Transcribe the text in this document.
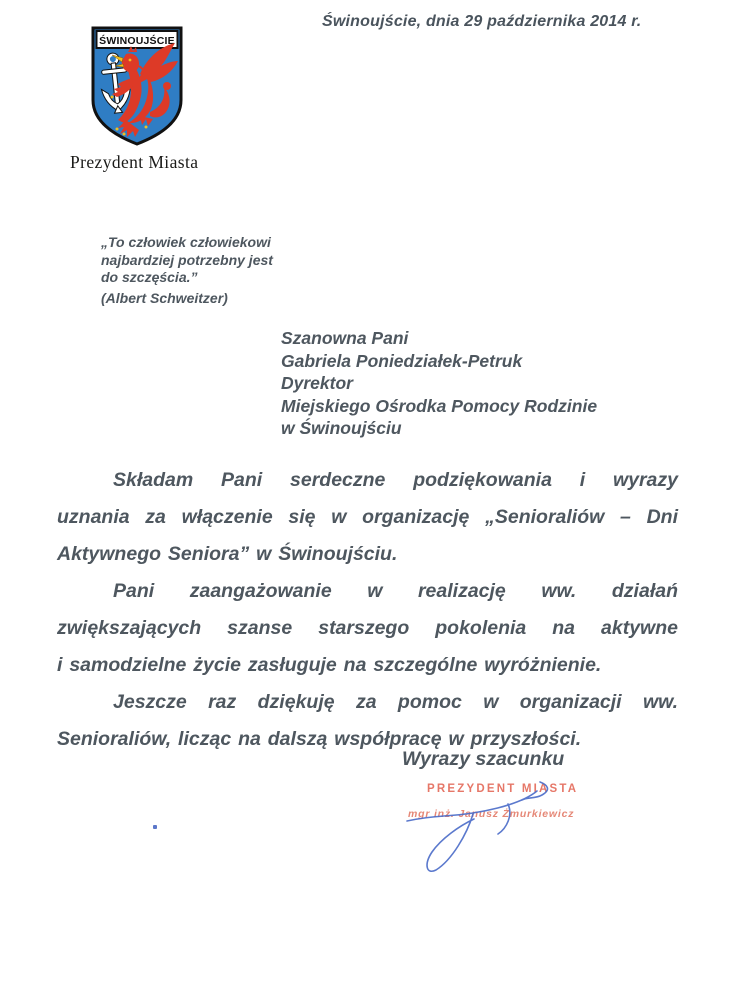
Świnoujście, dnia 29 października 2014 r.
ŚWINOUJŚCIE
Prezydent Miasta
„To człowiek człowiekowi
najbardziej potrzebny jest
do szczęścia.”
(Albert Schweitzer)
Szanowna Pani
Gabriela Poniedziałek-Petruk
Dyrektor
Miejskiego Ośrodka Pomocy Rodzinie
w Świnoujściu

Składam Pani serdeczne podziękowania i wyrazy
uznania za włączenie się w organizację „Senioraliów – Dni
Aktywnego Seniora” w Świnoujściu.

Pani zaangażowanie w realizację ww. działań
zwiększających szanse starszego pokolenia na aktywne
i samodzielne życie zasługuje na szczególne wyróżnienie.

Jeszcze raz dziękuję za pomoc w organizacji ww.
Senioraliów, licząc na dalszą współpracę w przyszłości.

Wyrazy szacunku
PREZYDENT MIASTA
mgr inż. Janusz Żmurkiewicz
